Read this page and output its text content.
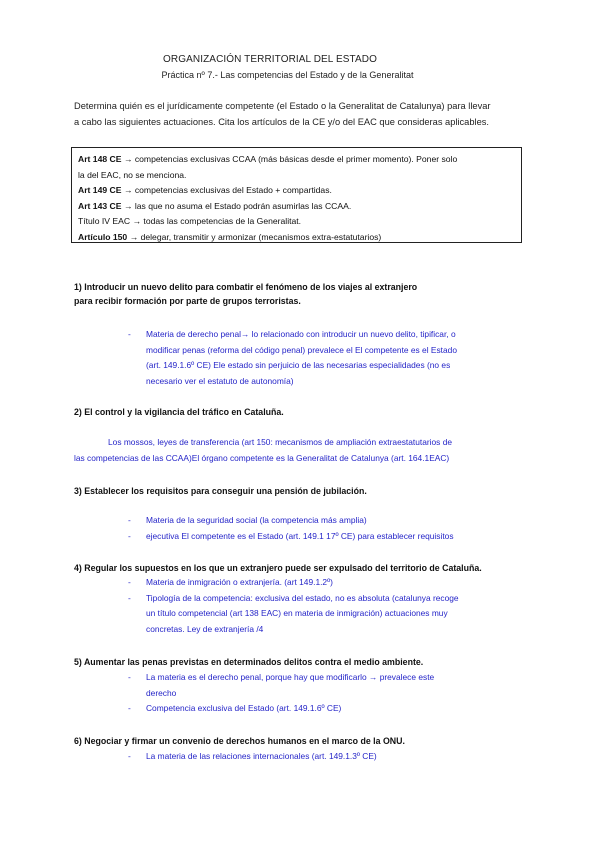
ORGANIZACIÓN TERRITORIAL DEL ESTADO
Práctica nº 7.- Las competencias del Estado y de la Generalitat
Determina quién es el jurídicamente competente (el Estado o la Generalitat de Catalunya) para llevar
a cabo las siguientes actuaciones. Cita los artículos de la CE y/o del EAC que consideras aplicables.
Art 148 CE → competencias exclusivas CCAA (más básicas desde el primer momento). Poner solo
la del EAC, no se menciona.
Art 149 CE → competencias exclusivas del Estado + compartidas.
Art 143 CE → las que no asuma el Estado podrán asumirlas las CCAA.
Título IV EAC → todas las competencias de la Generalitat.
Artículo 150 → delegar, transmitir y armonizar (mecanismos extra-estatutarios)
1) Introducir un nuevo delito para combatir el fenómeno de los viajes al extranjero
para recibir formación por parte de grupos terroristas.
- Materia de derecho penal→ lo relacionado con introducir un nuevo delito, tipificar, o
modificar penas (reforma del código penal) prevalece el El competente es el Estado
(art. 149.1.6º CE) Ele estado sin perjuicio de las necesarias especialidades (no es
necesario ver el estatuto de autonomía)
2) El control y la vigilancia del tráfico en Cataluña.
Los mossos, leyes de transferencia (art 150: mecanismos de ampliación extraestatutarios de
las competencias de las CCAA)El órgano competente es la Generalitat de Catalunya (art. 164.1EAC)
3) Establecer los requisitos para conseguir una pensión de jubilación.
- Materia de la seguridad social (la competencia más amplia)
- ejecutiva El competente es el Estado (art. 149.1 17º CE) para establecer requisitos
4) Regular los supuestos en los que un extranjero puede ser expulsado del territorio de Cataluña.
- Materia de inmigración o extranjería. (art 149.1.2º)
- Tipología de la competencia: exclusiva del estado, no es absoluta (catalunya recoge
un título competencial (art 138 EAC) en materia de inmigración) actuaciones muy
concretas. Ley de extranjería /4
5) Aumentar las penas previstas en determinados delitos contra el medio ambiente.
- La materia es el derecho penal, porque hay que modificarlo → prevalece este
derecho
- Competencia exclusiva del Estado (art. 149.1.6º CE)
6) Negociar y firmar un convenio de derechos humanos en el marco de la ONU.
- La materia de las relaciones internacionales (art. 149.1.3º CE)
